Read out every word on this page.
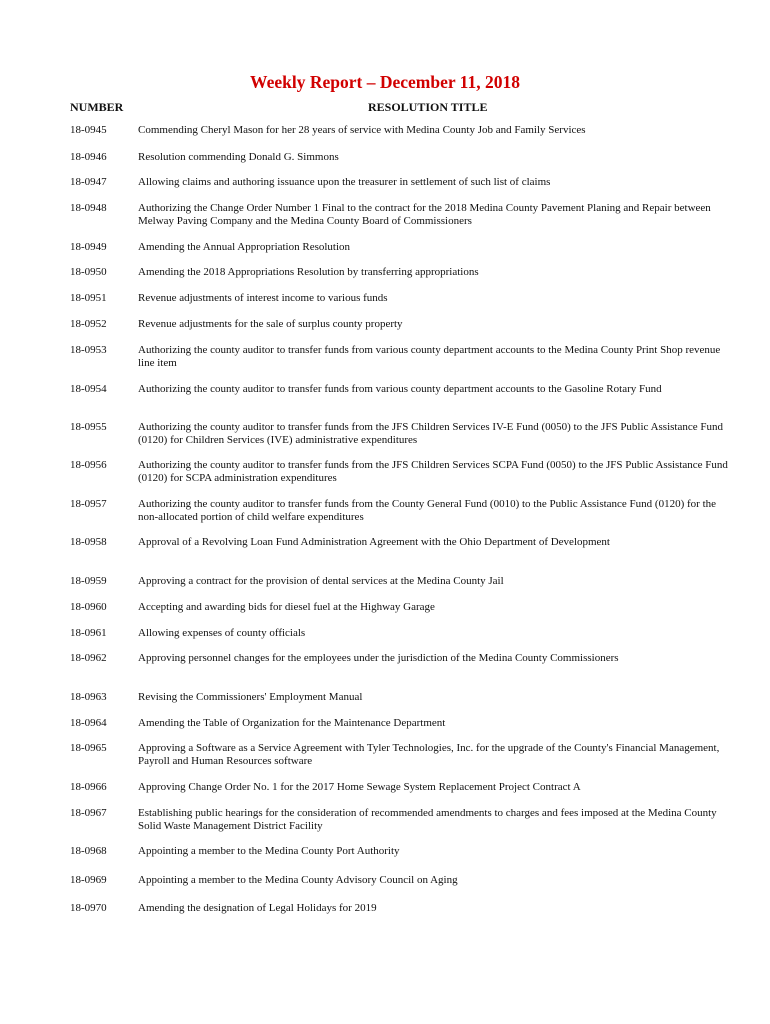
Weekly Report – December 11, 2018
NUMBER	RESOLUTION TITLE
18-0945	Commending Cheryl Mason for her 28 years of service with Medina County Job and Family Services
18-0946	Resolution commending Donald G. Simmons
18-0947	Allowing claims and authoring issuance upon the treasurer in settlement of such list of claims
18-0948	Authorizing the Change Order Number 1 Final to the contract for the 2018 Medina County Pavement Planing and Repair between Melway Paving Company and the Medina County Board of Commissioners
18-0949	Amending the Annual Appropriation Resolution
18-0950	Amending the 2018 Appropriations Resolution by transferring appropriations
18-0951	Revenue adjustments of interest income to various funds
18-0952	Revenue adjustments for the sale of surplus county property
18-0953	Authorizing the county auditor to transfer funds from various county department accounts to the Medina County Print Shop revenue line item
18-0954	Authorizing the county auditor to transfer funds from various county department accounts to the Gasoline Rotary Fund
18-0955	Authorizing the county auditor to transfer funds from the JFS Children Services IV-E Fund (0050) to the JFS Public Assistance Fund (0120) for Children Services (IVE) administrative expenditures
18-0956	Authorizing the county auditor to transfer funds from the JFS Children Services SCPA Fund (0050) to the JFS Public Assistance Fund (0120) for SCPA administration expenditures
18-0957	Authorizing the county auditor to transfer funds from the County General Fund (0010) to the Public Assistance Fund (0120) for the non-allocated portion of child welfare expenditures
18-0958	Approval of a Revolving Loan Fund Administration Agreement with the Ohio Department of Development
18-0959	Approving a contract for the provision of dental services at the Medina County Jail
18-0960	Accepting and awarding bids for diesel fuel at the Highway Garage
18-0961	Allowing expenses of county officials
18-0962	Approving personnel changes for the employees under the jurisdiction of the Medina County Commissioners
18-0963	Revising the Commissioners' Employment Manual
18-0964	Amending the Table of Organization for the Maintenance Department
18-0965	Approving a Software as a Service Agreement with Tyler Technologies, Inc. for the upgrade of the County's Financial Management, Payroll and Human Resources software
18-0966	Approving Change Order No. 1 for the 2017 Home Sewage System Replacement Project Contract A
18-0967	Establishing public hearings for the consideration of recommended amendments to charges and fees imposed at the Medina County Solid Waste Management District Facility
18-0968	Appointing a member to the Medina County Port Authority
18-0969	Appointing a member to the Medina County Advisory Council on Aging
18-0970	Amending the designation of Legal Holidays for 2019
